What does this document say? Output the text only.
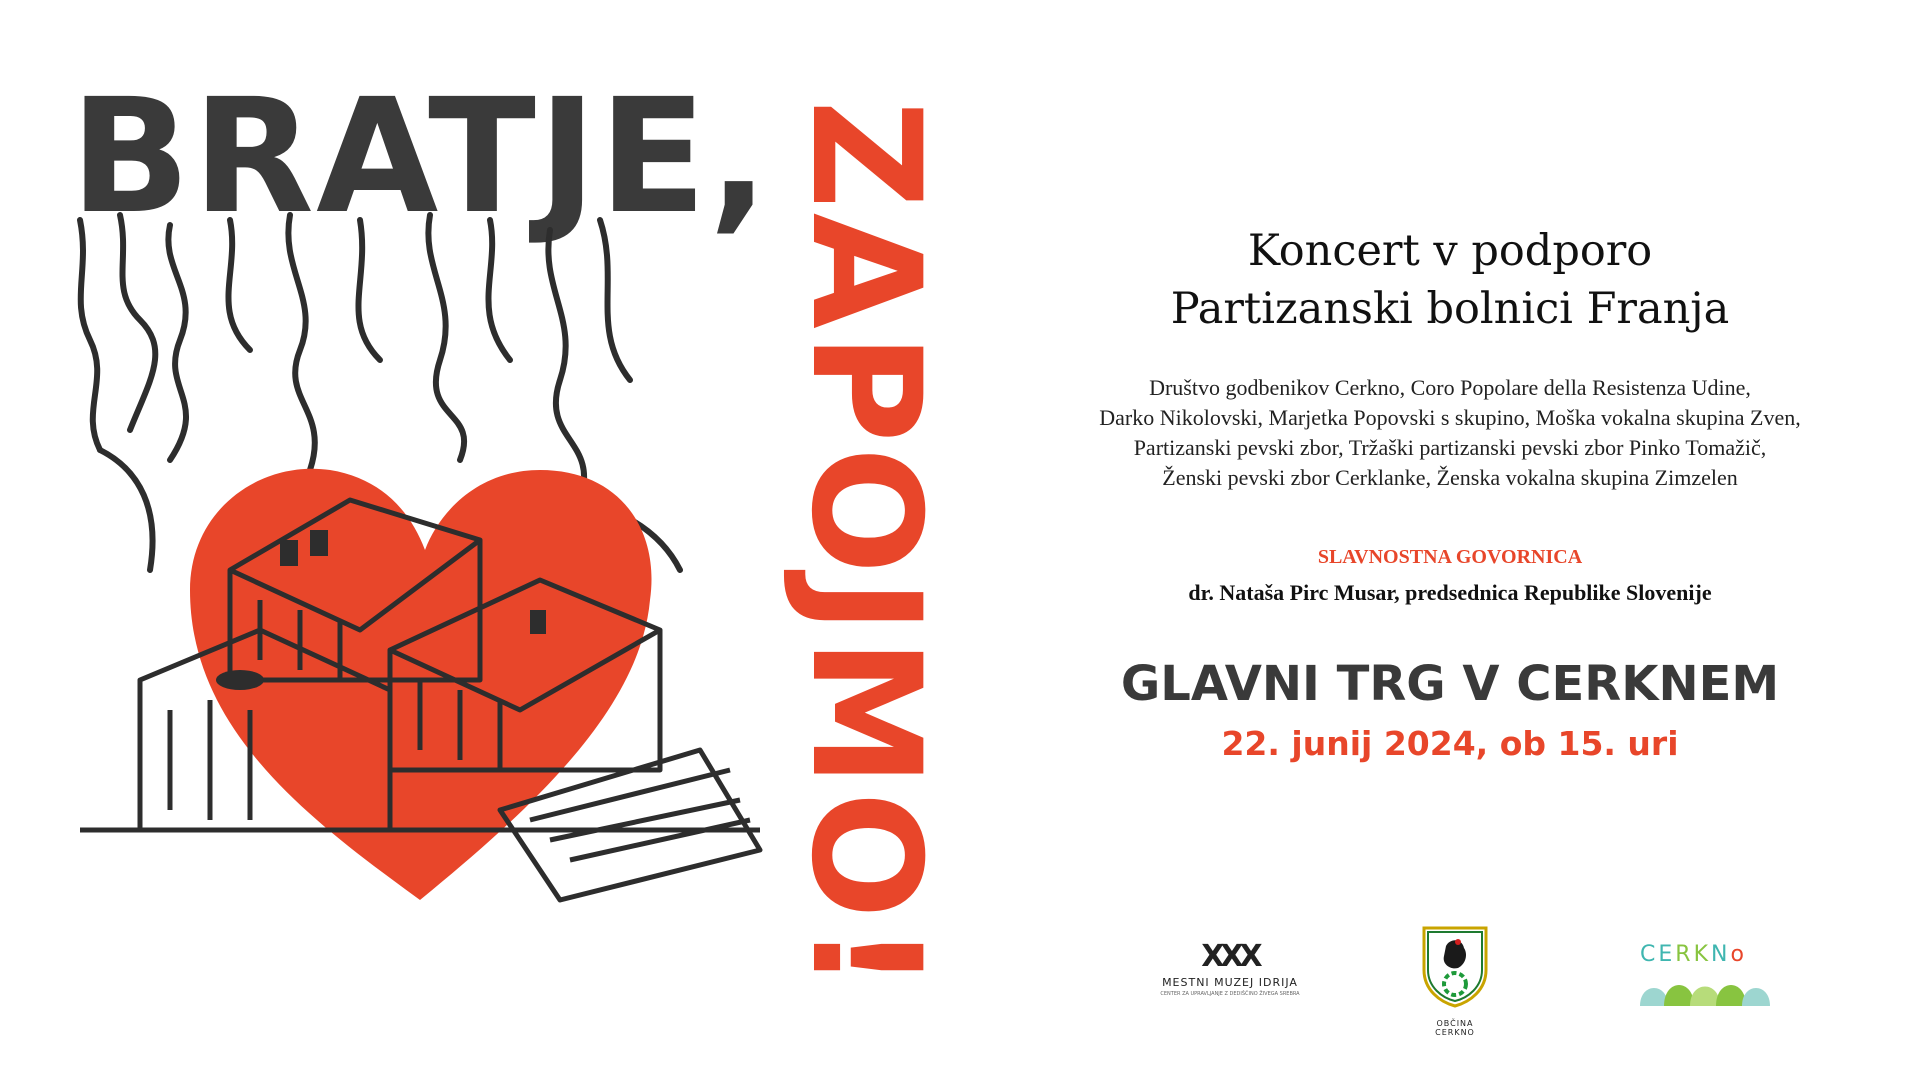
BRATJE, ZAPOJMO!	Koncert v podporo
Partizanski bolnici Franja
Društvo godbenikov Cerkno, Coro Popolare della Resistenza Udine,
Darko Nikolovski, Marjetka Popovski s skupino, Moška vokalna skupina Zven,
Partizanski pevski zbor, Tržaški partizanski pevski zbor Pinko Tomažič,
Ženski pevski zbor Cerklanke, Ženska vokalna skupina Zimzelen
SLAVNOSTNA GOVORNICA
dr. Nataša Pirc Musar, predsednica Republike Slovenije
GLAVNI TRG V CERKNEM
22. junij 2024, ob 15. uri
ⅩⅩⅩ
MESTNI MUZEJ IDRIJA
CENTER ZA UPRAVLJANJE Z DEDIŠČINO ŽIVEGA SREBRA
OBČINA CERKNO
CERKNo
